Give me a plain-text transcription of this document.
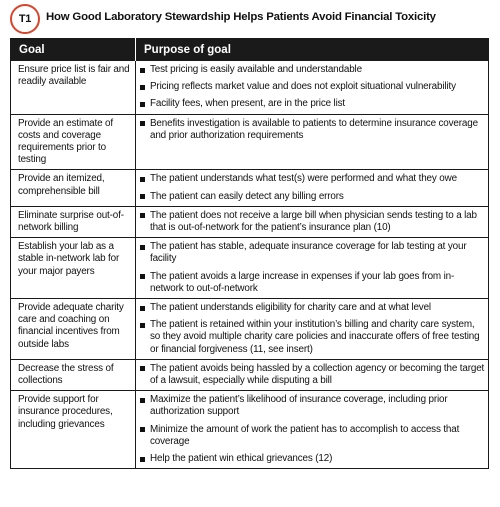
T1 How Good Laboratory Stewardship Helps Patients Avoid Financial Toxicity
Goal	Purpose of goal
Ensure price list is fair and readily available	Test pricing is easily available and understandable
Pricing reflects market value and does not exploit situational vulnerability
Facility fees, when present, are in the price list

Provide an estimate of costs and coverage requirements prior to testing	Benefits investigation is available to patients to determine insurance coverage and prior authorization requirements

Provide an itemized, comprehensible bill	The patient understands what test(s) were performed and what they owe
The patient can easily detect any billing errors

Eliminate surprise out-of-network billing	The patient does not receive a large bill when physician sends testing to a lab that is out-of-network for the patient’s insurance plan (10)

Establish your lab as a stable in-network lab for your major payers	The patient has stable, adequate insurance coverage for lab testing at your facility
The patient avoids a large increase in expenses if your lab goes from in-network to out-of-network

Provide adequate charity care and coaching on financial incentives from outside labs	The patient understands eligibility for charity care and at what level
The patient is retained within your institution’s billing and charity care system, so they avoid multiple charity care policies and inaccurate offers of free testing or financial forgiveness (11, see insert)

Decrease the stress of collections	The patient avoids being hassled by a collection agency or becoming the target of a lawsuit, especially while disputing a bill

Provide support for insurance procedures, including grievances	Maximize the patient’s likelihood of insurance coverage, including prior authorization support
Minimize the amount of work the patient has to accomplish to access that coverage
Help the patient win ethical grievances (12)
